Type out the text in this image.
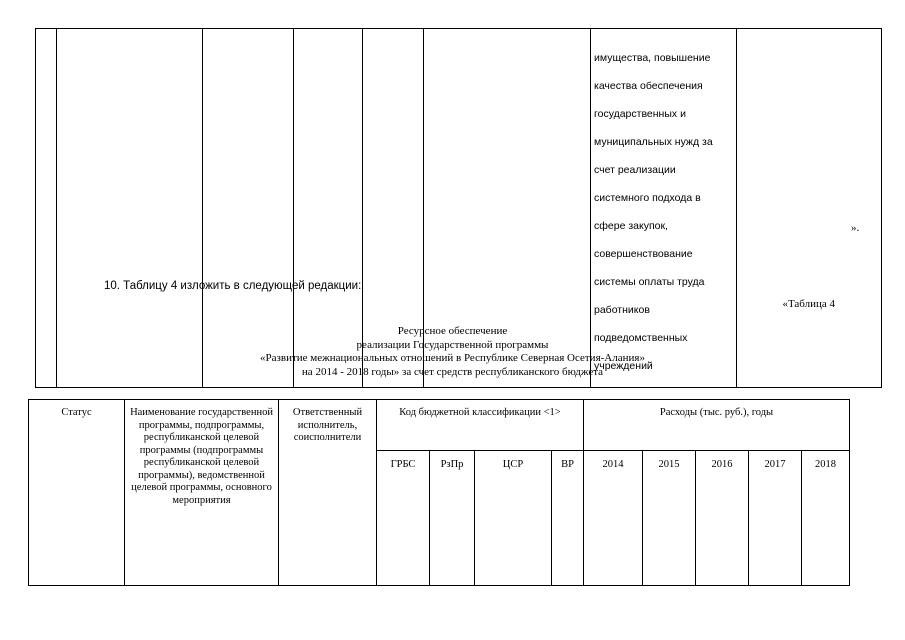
имущества, повышение

качества обеспечения

государственных и

муниципальных нужд за

счет реализации

системного подхода в

сфере закупок,

совершенствование

системы оплаты труда

работников

подведомственных

учреждений

».
10. Таблицу 4 изложить в следующей редакции:
«Таблица 4
Ресурсное обеспечение
реализации Государственной программы
«Развитие межнациональных отношений в Республике Северная Осетия-Алания»
на 2014 - 2018 годы» за счет средств республиканского бюджета
Статус	Наименование государственной программы, подпрограммы, республиканской целевой программы (подпрограммы республиканской целевой программы), ведомственной целевой программы, основного мероприятия	Ответственный исполнитель, соисполнители	Код бюджетной классификации <1>				Расходы (тыс. руб.), годы				

			ГРБС	РзПр	ЦСР	ВР	2014	2015	2016	2017	2018
